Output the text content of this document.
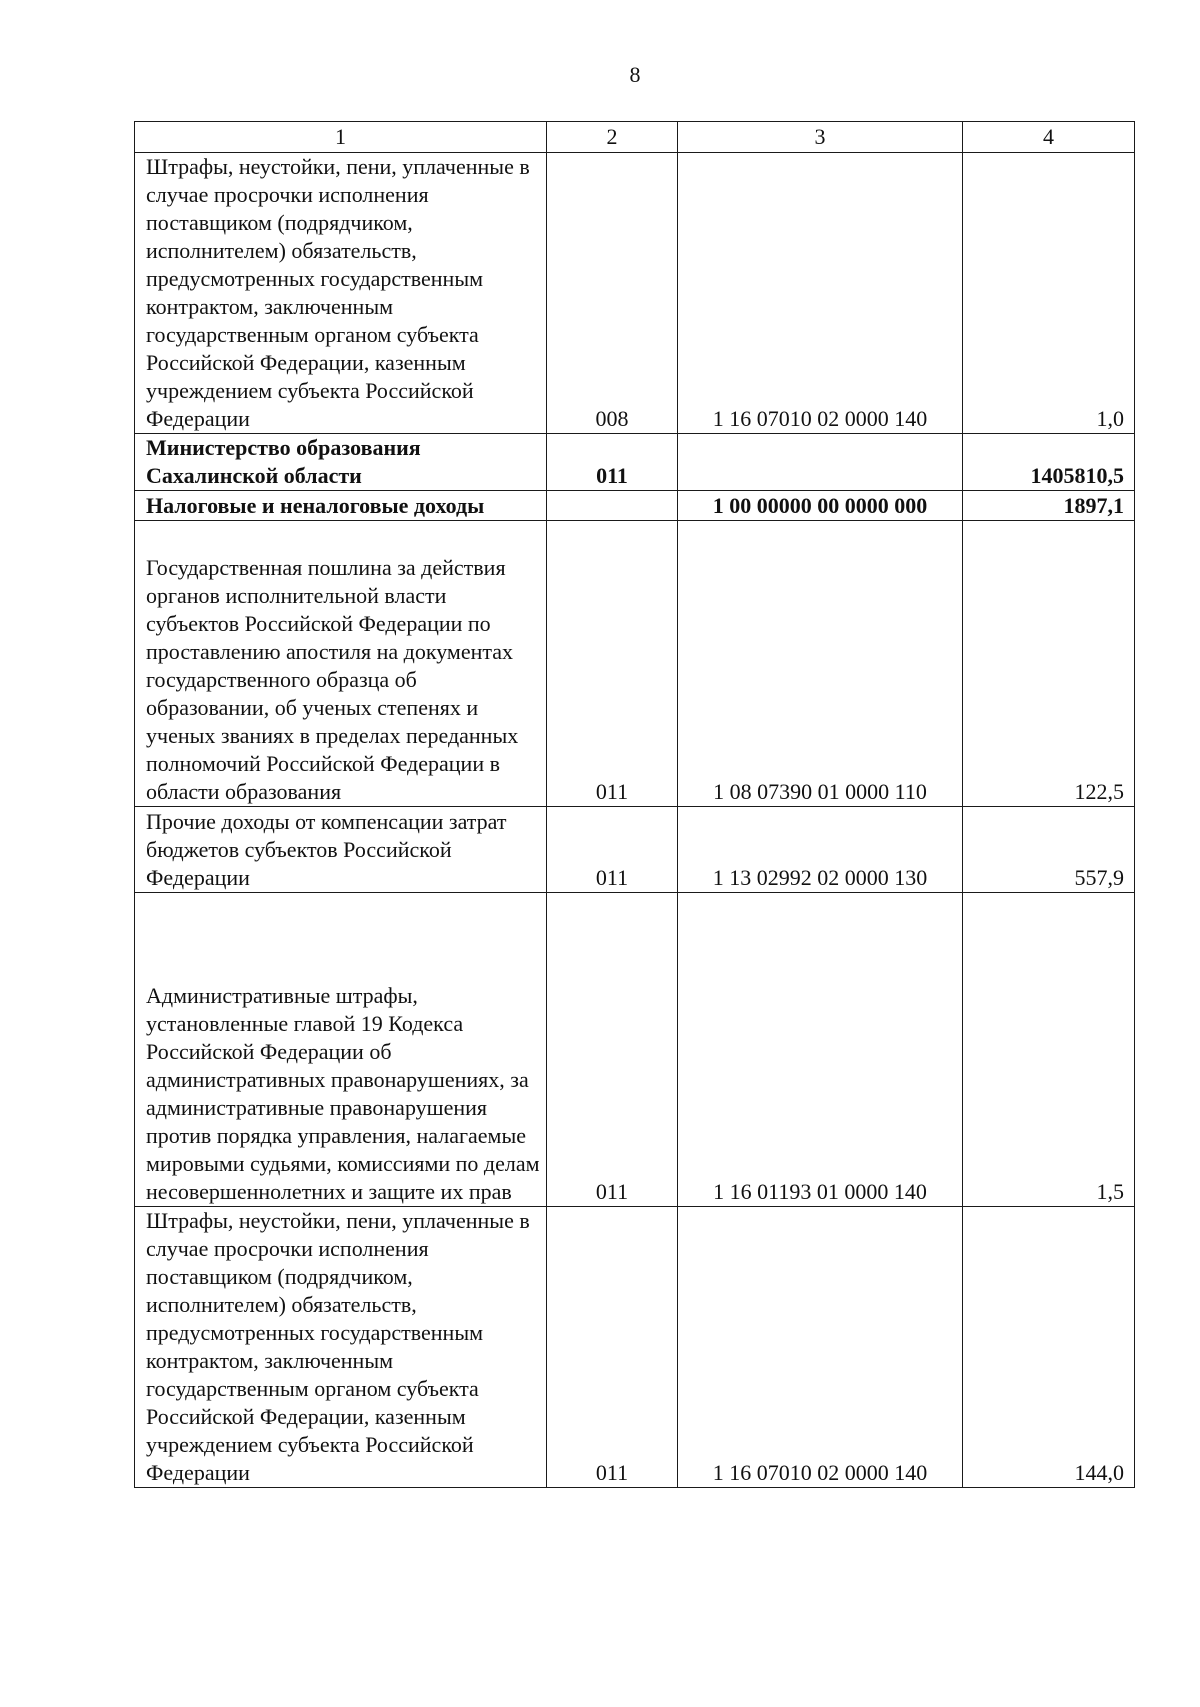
8
1	2	3	4

Штрафы, неустойки, пени, уплаченные в случае просрочки исполнения поставщиком (подрядчиком, исполнителем) обязательств, предусмотренных государственным контрактом, заключенным государственным органом субъекта Российской Федерации, казенным учреждением субъекта Российской Федерации	008	1 16 07010 02 0000 140	1,0

Министерство образования Сахалинской области	011		1405810,5

Налоговые и неналоговые доходы		1 00 00000 00 0000 000	1897,1

Государственная пошлина за действия органов исполнительной власти субъектов Российской Федерации по проставлению апостиля на документах государственного образца об образовании, об ученых степенях и ученых званиях в пределах переданных полномочий Российской Федерации в области образования	011	1 08 07390 01 0000 110	122,5

Прочие доходы от компенсации затрат бюджетов субъектов Российской Федерации	011	1 13 02992 02 0000 130	557,9

Административные штрафы, установленные главой 19 Кодекса Российской Федерации об административных правонарушениях, за административные правонарушения против порядка управления, налагаемые мировыми судьями, комиссиями по делам несовершеннолетних и защите их прав	011	1 16 01193 01 0000 140	1,5

Штрафы, неустойки, пени, уплаченные в случае просрочки исполнения поставщиком (подрядчиком, исполнителем) обязательств, предусмотренных государственным контрактом, заключенным государственным органом субъекта Российской Федерации, казенным учреждением субъекта Российской Федерации	011	1 16 07010 02 0000 140	144,0
